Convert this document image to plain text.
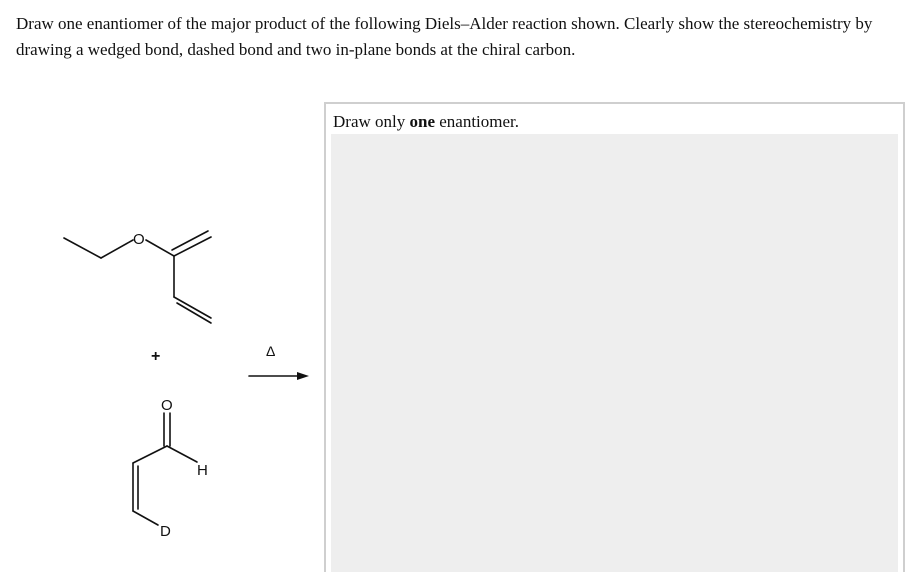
Draw one enantiomer of the major product of the following Diels–Alder reaction shown. Clearly show the stereochemistry by drawing a wedged bond, dashed bond and two in-plane bonds at the chiral carbon.

O
+	Δ
O
H
D
Draw only one enantiomer.
